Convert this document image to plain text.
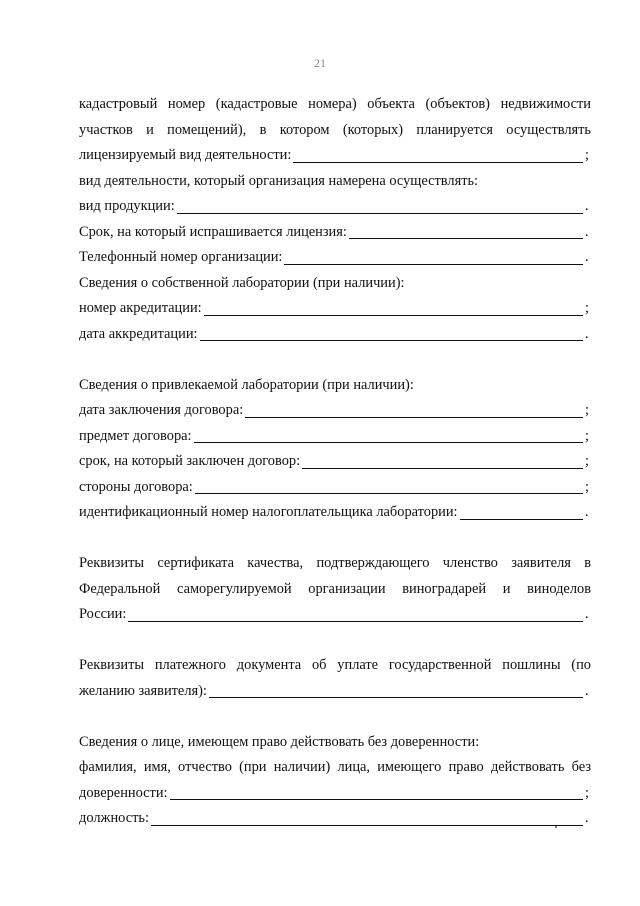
21
кадастровый номер (кадастровые номера) объекта (объектов) недвижимости
участков и помещений), в котором (которых) планируется осуществлять
лицензируемый вид деятельности:	;
вид деятельности, который организация намерена осуществлять:
вид продукции:	.
Срок, на который испрашивается лицензия:	.
Телефонный номер организации:	.
Сведения о собственной лаборатории (при наличии):
номер акредитации:	;
дата аккредитации:	.
Сведения о привлекаемой лаборатории (при наличии):
дата заключения договора:	;
предмет договора:	;
срок, на который заключен договор:	;
стороны договора:	;
идентификационный номер налогоплательщика лаборатории:	.
Реквизиты сертификата качества, подтверждающего членство заявителя в
Федеральной саморегулируемой организации виноградарей и виноделов
России:	.
Реквизиты платежного документа об уплате государственной пошлины (по
желанию заявителя):	.
Сведения о лице, имеющем право действовать без доверенности:
фамилия, имя, отчество (при наличии) лица, имеющего право действовать без
доверенности:	;
должность:	.
